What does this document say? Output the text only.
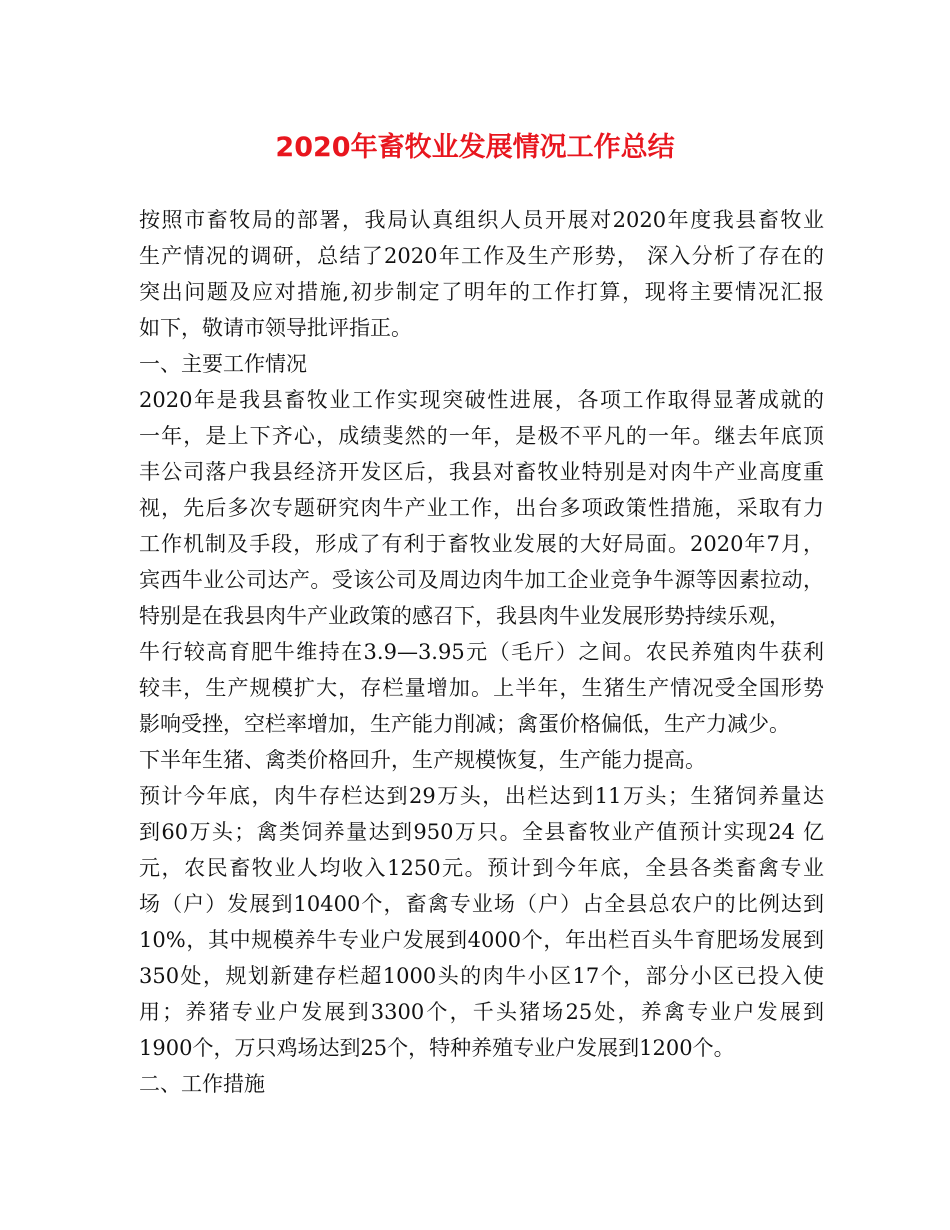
2020年畜牧业发展情况工作总结
按照市畜牧局的部署，我局认真组织人员开展对2020年度我县畜牧业
生产情况的调研，总结了2020年工作及生产形势， 深入分析了存在的
突出问题及应对措施,初步制定了明年的工作打算，现将主要情况汇报
如下，敬请市领导批评指正。
一、主要工作情况
2020年是我县畜牧业工作实现突破性进展，各项工作取得显著成就的
一年，是上下齐心，成绩斐然的一年，是极不平凡的一年。继去年底顶
丰公司落户我县经济开发区后，我县对畜牧业特别是对肉牛产业高度重
视，先后多次专题研究肉牛产业工作，出台多项政策性措施，采取有力
工作机制及手段，形成了有利于畜牧业发展的大好局面。2020年7月，
宾西牛业公司达产。受该公司及周边肉牛加工企业竞争牛源等因素拉动，
特别是在我县肉牛产业政策的感召下，我县肉牛业发展形势持续乐观，
牛行较高育肥牛维持在3.9—3.95元（毛斤）之间。农民养殖肉牛获利
较丰，生产规模扩大，存栏量增加。上半年，生猪生产情况受全国形势
影响受挫，空栏率增加，生产能力削减；禽蛋价格偏低，生产力减少。
下半年生猪、禽类价格回升，生产规模恢复，生产能力提高。
预计今年底，肉牛存栏达到29万头，出栏达到11万头；生猪饲养量达
到60万头；禽类饲养量达到950万只。全县畜牧业产值预计实现24 亿
元，农民畜牧业人均收入1250元。预计到今年底，全县各类畜禽专业
场（户）发展到10400个，畜禽专业场（户）占全县总农户的比例达到
10%，其中规模养牛专业户发展到4000个，年出栏百头牛育肥场发展到
350处，规划新建存栏超1000头的肉牛小区17个，部分小区已投入使
用；养猪专业户发展到3300个，千头猪场25处，养禽专业户发展到
1900个，万只鸡场达到25个，特种养殖专业户发展到1200个。
二、工作措施
